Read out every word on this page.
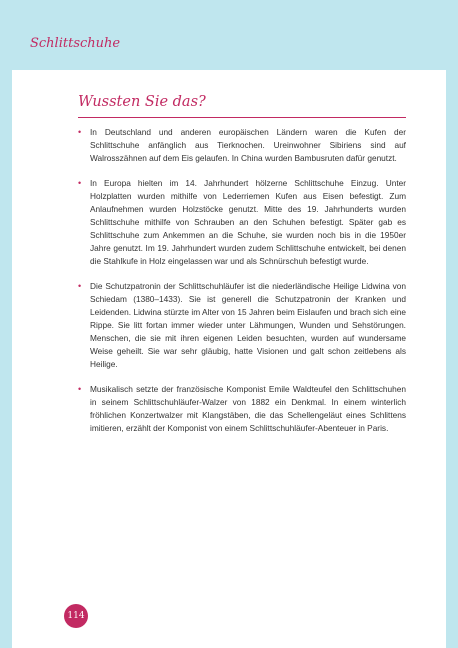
Schlittschuhe
Wussten Sie das?
• In Deutschland und anderen europäischen Ländern waren die Kufen der Schlittschuhe anfänglich aus Tierknochen. Ureinwohner Sibiriens sind auf Walrosszähnen auf dem Eis gelaufen. In China wurden Bambusruten dafür genutzt.
• In Europa hielten im 14. Jahrhundert hölzerne Schlittschuhe Einzug. Unter Holzplatten wurden mithilfe von Lederriemen Kufen aus Eisen befestigt. Zum Anlaufnehmen wurden Holzstöcke genutzt. Mitte des 19. Jahrhunderts wurden Schlittschuhe mithilfe von Schrauben an den Schuhen befestigt. Später gab es Schlittschuhe zum Ankemmen an die Schuhe, sie wurden noch bis in die 1950er Jahre genutzt. Im 19. Jahrhundert wurden zudem Schlittschuhe entwickelt, bei denen die Stahlkufe in Holz eingelassen war und als Schnürschuh befestigt wurde.
• Die Schutzpatronin der Schlittschuhläufer ist die niederländische Heilige Lidwina von Schiedam (1380–1433). Sie ist generell die Schutzpatronin der Kranken und Leidenden. Lidwina stürzte im Alter von 15 Jahren beim Eislaufen und brach sich eine Rippe. Sie litt fortan immer wieder unter Lähmungen, Wunden und Sehstörungen. Menschen, die sie mit ihren eigenen Leiden besuchten, wurden auf wundersame Weise geheilt. Sie war sehr gläubig, hatte Visionen und galt schon zeitlebens als Heilige.
• Musikalisch setzte der französische Komponist Emile Waldteufel den Schlittschuhen in seinem Schlittschuhläufer-Walzer von 1882 ein Denkmal. In einem winterlich fröhlichen Konzertwalzer mit Klangstäben, die das Schellengeläut eines Schlittens imitieren, erzählt der Komponist von einem Schlittschuhläufer-Abenteuer in Paris.
114
